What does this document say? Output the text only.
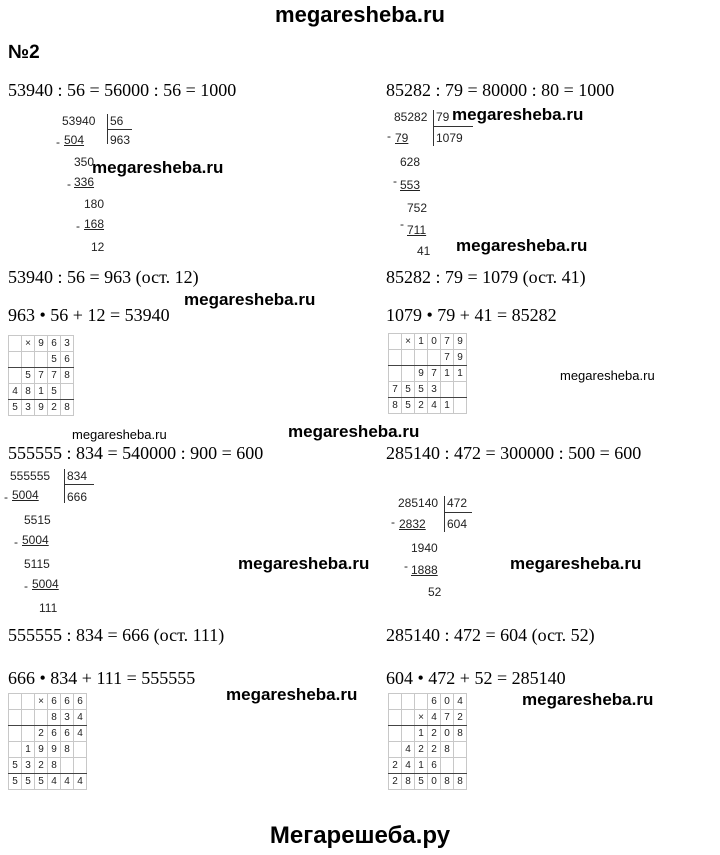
megaresheba.ru
№2
53940 : 56 = 56000 : 56 = 1000
53940 56
963
- 504
350
- 336
180
- 168
12
megaresheba.ru
53940 : 56 = 963 (ост. 12)
megaresheba.ru
963 • 56 + 12 = 53940
	×	9	6	3
			5	6
	5	7	7	8
4	8	1	5	
5	3	9	2	8
megaresheba.ru	megaresheba.ru
555555 : 834 = 540000 : 900 = 600
555555 834
666
- 5004
5515
- 5004
5115
- 5004
111
555555 : 834 = 666 (ост. 111)
666 • 834 + 111 = 555555
		×	6	6	6
			8	3	4
		2	6	6	4
	1	9	9	8	
5	3	2	8		
5	5	5	4	4	4
85282 : 79 = 80000 : 80 = 1000
85282 79
1079
- 79
628
- 553
752
- 711
41
megaresheba.ru
megaresheba.ru
85282 : 79 = 1079 (ост. 41)
1079 • 79 + 41 = 85282
	×	1	0	7	9
				7	9
		9	7	1	1
7	5	5	3		
8	5	2	4	1	
megaresheba.ru
285140 : 472 = 300000 : 500 = 600
285140 472
604
- 2832
1940
- 1888
52
megaresheba.ru
285140 : 472 = 604 (ост. 52)
604 • 472 + 52 = 285140
			6	0	4
		×	4	7	2
		1	2	0	8
	4	2	2	8	
2	4	1	6		
2	8	5	0	8	8
megaresheba.ru
megaresheba.ru	megaresheba.ru
Мегарешеба.ру
